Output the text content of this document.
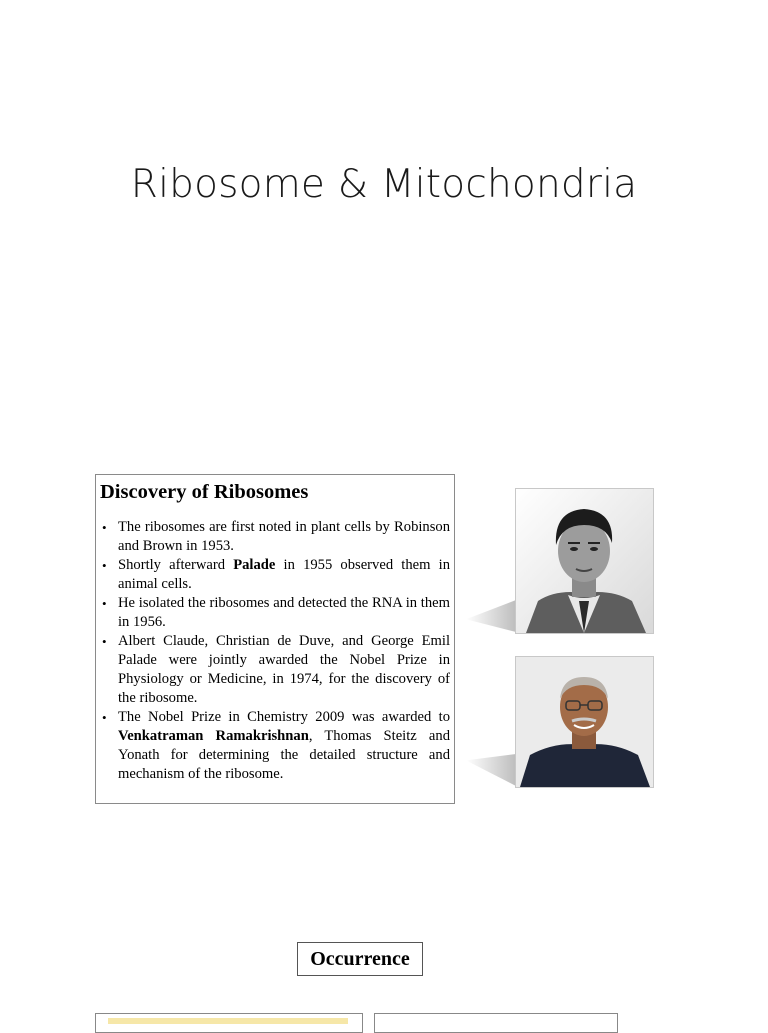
Ribosome & Mitochondria
Discovery of Ribosomes
• The ribosomes are first noted in plant cells by Robinson and Brown in 1953.
• Shortly afterward Palade in 1955 observed them in animal cells.
• He isolated the ribosomes and detected the RNA in them in 1956.
• Albert Claude, Christian de Duve, and George Emil Palade were jointly awarded the Nobel Prize in Physiology or Medicine, in 1974, for the discovery of the ribosome.
• The Nobel Prize in Chemistry 2009 was awarded to Venkatraman Ramakrishnan, Thomas Steitz and Yonath for determining the detailed structure and mechanism of the ribosome.
Occurrence
